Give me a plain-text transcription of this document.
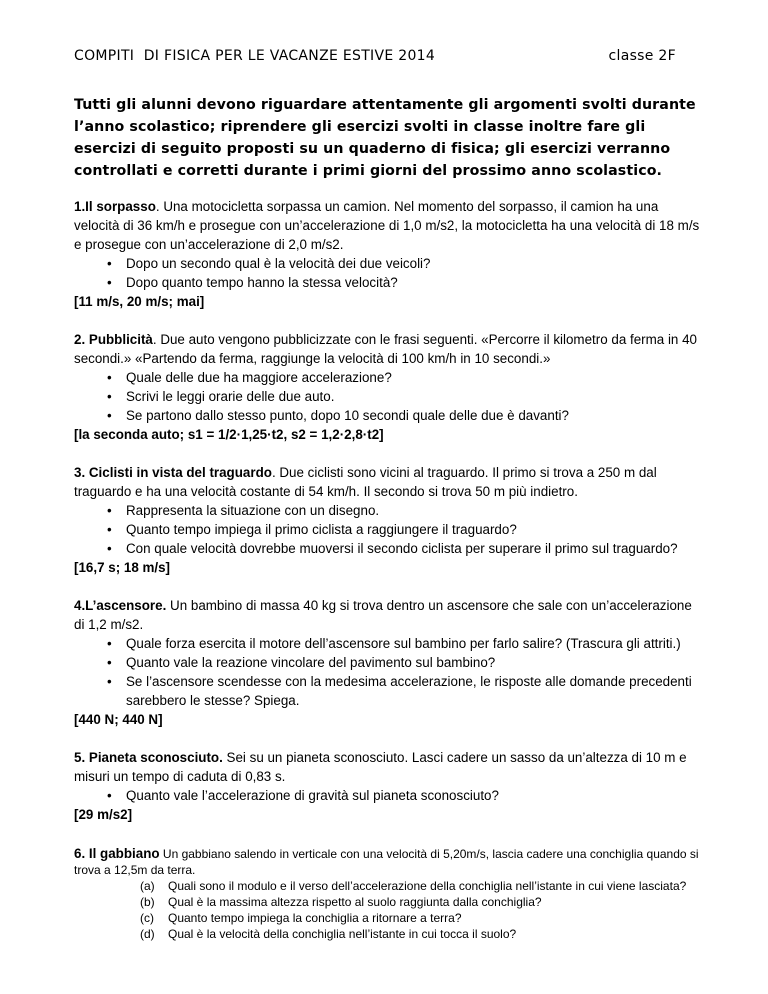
COMPITI  DI FISICA PER LE VACANZE ESTIVE 2014	classe 2F
Tutti gli alunni devono riguardare attentamente gli argomenti svolti durante l’anno scolastico; riprendere gli esercizi svolti in classe inoltre fare gli esercizi di seguito proposti su un quaderno di fisica; gli esercizi verranno controllati e corretti durante i primi giorni del prossimo anno scolastico.
1.Il sorpasso. Una motocicletta sorpassa un camion. Nel momento del sorpasso, il camion ha una velocità di 36 km/h e prosegue con un’accelerazione di 1,0 m/s2, la motocicletta ha una velocità di 18 m/s e prosegue con un’accelerazione di 2,0 m/s2.
• Dopo un secondo qual è la velocità dei due veicoli?
• Dopo quanto tempo hanno la stessa velocità?
[11 m/s, 20 m/s; mai]
2. Pubblicità. Due auto vengono pubblicizzate con le frasi seguenti. «Percorre il kilometro da ferma in 40 secondi.» «Partendo da ferma, raggiunge la velocità di 100 km/h in 10 secondi.»
• Quale delle due ha maggiore accelerazione?
• Scrivi le leggi orarie delle due auto.
• Se partono dallo stesso punto, dopo 10 secondi quale delle due è davanti?
[la seconda auto; s1 = 1/2·1,25·t2, s2 = 1,2·2,8·t2]
3. Ciclisti in vista del traguardo. Due ciclisti sono vicini al traguardo. Il primo si trova a 250 m dal traguardo e ha una velocità costante di 54 km/h. Il secondo si trova 50 m più indietro.
• Rappresenta la situazione con un disegno.
• Quanto tempo impiega il primo ciclista a raggiungere il traguardo?
• Con quale velocità dovrebbe muoversi il secondo ciclista per superare il primo sul traguardo?
[16,7 s; 18 m/s]
4.L’ascensore. Un bambino di massa 40 kg si trova dentro un ascensore che sale con un’accelerazione di 1,2 m/s2.
• Quale forza esercita il motore dell’ascensore sul bambino per farlo salire? (Trascura gli attriti.)
• Quanto vale la reazione vincolare del pavimento sul bambino?
• Se l’ascensore scendesse con la medesima accelerazione, le risposte alle domande precedenti sarebbero le stesse? Spiega.
[440 N; 440 N]
5. Pianeta sconosciuto. Sei su un pianeta sconosciuto. Lasci cadere un sasso da un’altezza di 10 m e misuri un tempo di caduta di 0,83 s.
• Quanto vale l’accelerazione di gravità sul pianeta sconosciuto?
[29 m/s2]
6. Il gabbiano Un gabbiano salendo in verticale con una velocità di 5,20m/s, lascia cadere una conchiglia quando si trova a 12,5m da terra.
(a) Quali sono il modulo e il verso dell’accelerazione della conchiglia nell’istante in cui viene lasciata?
(b) Qual è la massima altezza rispetto al suolo raggiunta dalla conchiglia?
(c) Quanto tempo impiega la conchiglia a ritornare a terra?
(d) Qual è la velocità della conchiglia nell’istante in cui tocca il suolo?
